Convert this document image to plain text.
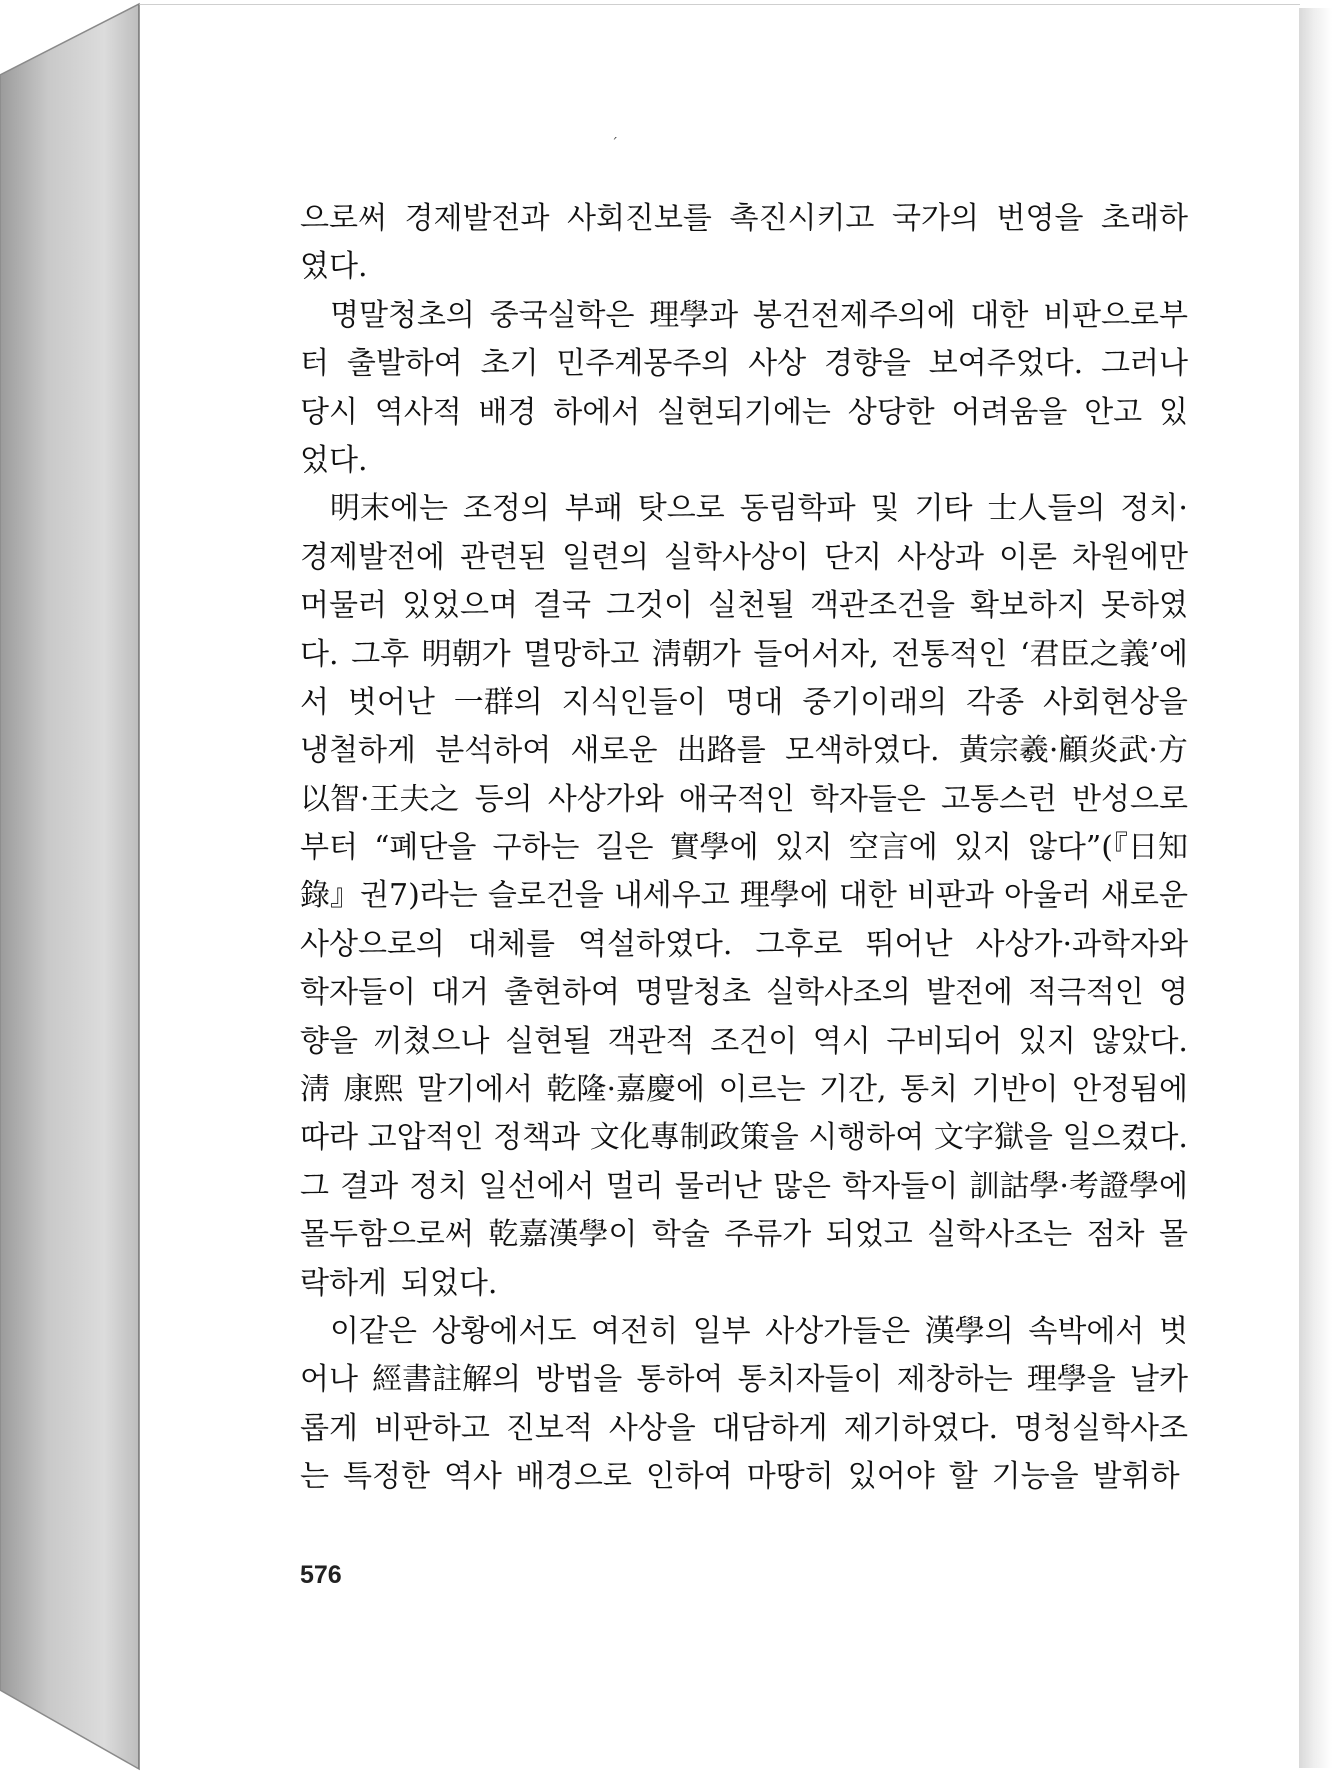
ˊ
으로써 경제발전과 사회진보를 촉진시키고 국가의 번영을 초래하
였다.
명말청초의 중국실학은 理學과 봉건전제주의에 대한 비판으로부
터 출발하여 초기 민주계몽주의 사상 경향을 보여주었다. 그러나
당시 역사적 배경 하에서 실현되기에는 상당한 어려움을 안고 있
었다.
明末에는 조정의 부패 탓으로 동림학파 및 기타 士人들의 정치·
경제발전에 관련된 일련의 실학사상이 단지 사상과 이론 차원에만
머물러 있었으며 결국 그것이 실천될 객관조건을 확보하지 못하였
다. 그후 明朝가 멸망하고 淸朝가 들어서자, 전통적인 ‘君臣之義’에
서 벗어난 一群의 지식인들이 명대 중기이래의 각종 사회현상을
냉철하게 분석하여 새로운 出路를 모색하였다. 黃宗羲·顧炎武·方
以智·王夫之 등의 사상가와 애국적인 학자들은 고통스런 반성으로
부터 “폐단을 구하는 길은 實學에 있지 空言에 있지 않다”(『日知
錄』권7)라는 슬로건을 내세우고 理學에 대한 비판과 아울러 새로운
사상으로의 대체를 역설하였다. 그후로 뛰어난 사상가·과학자와
학자들이 대거 출현하여 명말청초 실학사조의 발전에 적극적인 영
향을 끼쳤으나 실현될 객관적 조건이 역시 구비되어 있지 않았다.
淸 康熙 말기에서 乾隆·嘉慶에 이르는 기간, 통치 기반이 안정됨에
따라 고압적인 정책과 文化專制政策을 시행하여 文字獄을 일으켰다.
그 결과 정치 일선에서 멀리 물러난 많은 학자들이 訓詁學·考證學에
몰두함으로써 乾嘉漢學이 학술 주류가 되었고 실학사조는 점차 몰
락하게 되었다.
이같은 상황에서도 여전히 일부 사상가들은 漢學의 속박에서 벗
어나 經書註解의 방법을 통하여 통치자들이 제창하는 理學을 날카
롭게 비판하고 진보적 사상을 대담하게 제기하였다. 명청실학사조
는 특정한 역사 배경으로 인하여 마땅히 있어야 할 기능을 발휘하
576
